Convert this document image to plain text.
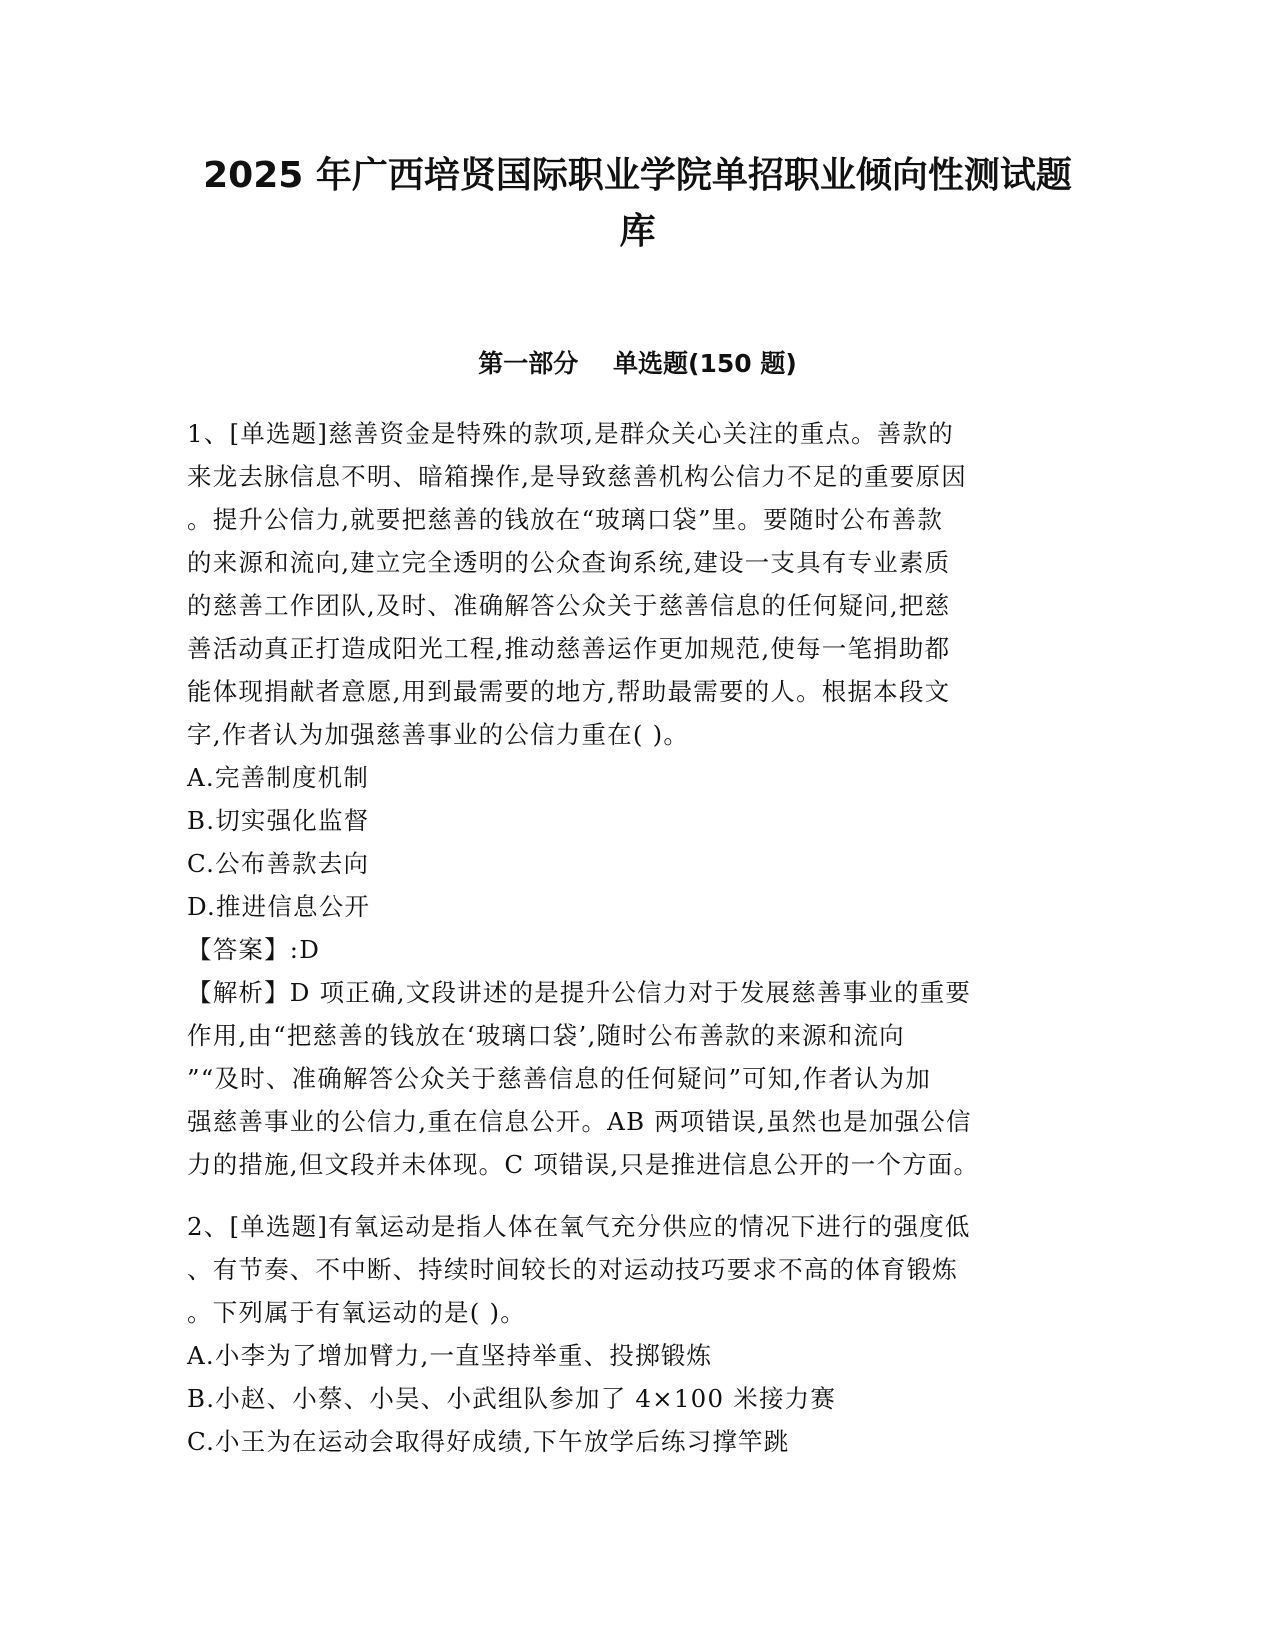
2025 年广西培贤国际职业学院单招职业倾向性测试题
库
第一部分    单选题(150 题)
1、[单选题]慈善资金是特殊的款项,是群众关心关注的重点。善款的
来龙去脉信息不明、暗箱操作,是导致慈善机构公信力不足的重要原因
。提升公信力,就要把慈善的钱放在“玻璃口袋”里。要随时公布善款
的来源和流向,建立完全透明的公众查询系统,建设一支具有专业素质
的慈善工作团队,及时、准确解答公众关于慈善信息的任何疑问,把慈
善活动真正打造成阳光工程,推动慈善运作更加规范,使每一笔捐助都
能体现捐献者意愿,用到最需要的地方,帮助最需要的人。根据本段文
字,作者认为加强慈善事业的公信力重在( )。
A.完善制度机制
B.切实强化监督
C.公布善款去向
D.推进信息公开
【答案】:D
【解析】D 项正确,文段讲述的是提升公信力对于发展慈善事业的重要
作用,由“把慈善的钱放在‘玻璃口袋’,随时公布善款的来源和流向
”“及时、准确解答公众关于慈善信息的任何疑问”可知,作者认为加
强慈善事业的公信力,重在信息公开。AB 两项错误,虽然也是加强公信
力的措施,但文段并未体现。C 项错误,只是推进信息公开的一个方面。
2、[单选题]有氧运动是指人体在氧气充分供应的情况下进行的强度低
、有节奏、不中断、持续时间较长的对运动技巧要求不高的体育锻炼
。下列属于有氧运动的是( )。
A.小李为了增加臂力,一直坚持举重、投掷锻炼
B.小赵、小蔡、小吴、小武组队参加了 4×100 米接力赛
C.小王为在运动会取得好成绩,下午放学后练习撑竿跳
